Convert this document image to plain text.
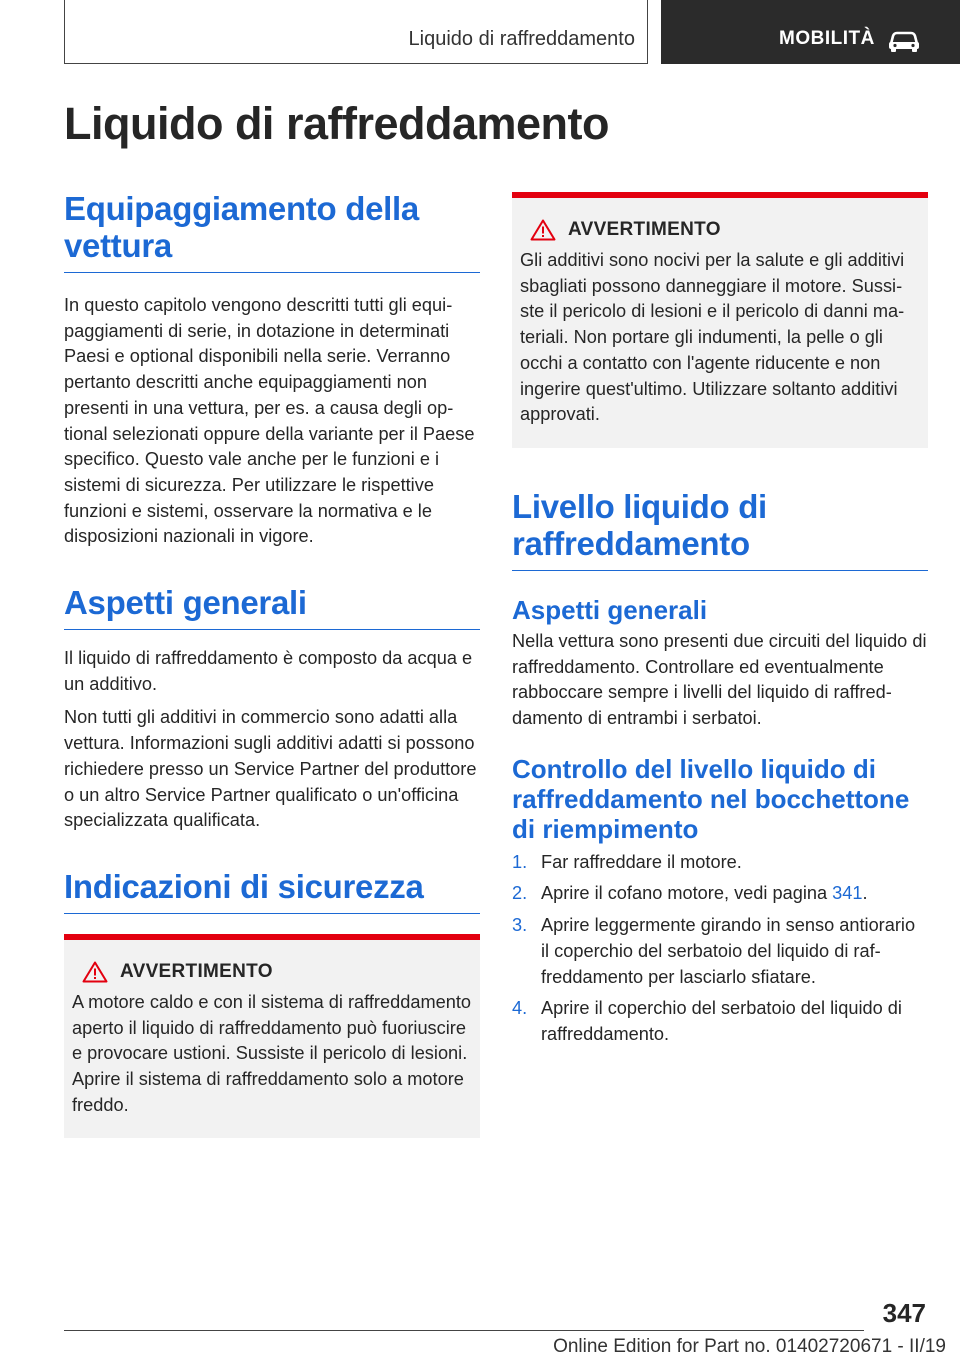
Liquido di raffreddamento	MOBILITÀ
Liquido di raffreddamento
Equipaggiamento della vettura

In questo capitolo vengono descritti tutti gli equipaggiamenti di serie, in dotazione in determinati Paesi e optional disponibili nella serie. Verranno pertanto descritti anche equipaggiamenti non presenti in una vettura, per es. a causa degli optional selezionati oppure della variante per il Paese specifico. Questo vale anche per le funzioni e i sistemi di sicurezza. Per utilizzare le rispettive funzioni e sistemi, osservare la normativa e le disposizioni nazionali in vigore.

Aspetti generali

Il liquido di raffreddamento è composto da acqua e un additivo.

Non tutti gli additivi in commercio sono adatti alla vettura. Informazioni sugli additivi adatti si possono richiedere presso un Service Partner del produttore o un altro Service Partner qualificato o un'officina specializzata qualificata.

Indicazioni di sicurezza
AVVERTIMENTO

A motore caldo e con il sistema di raffreddamento aperto il liquido di raffreddamento può fuoriuscire e provocare ustioni. Sussiste il pericolo di lesioni. Aprire il sistema di raffreddamento solo a motore freddo.

AVVERTIMENTO

Gli additivi sono nocivi per la salute e gli additivi sbagliati possono danneggiare il motore. Sussiste il pericolo di lesioni e il pericolo di danni materiali. Non portare gli indumenti, la pelle o gli occhi a contatto con l'agente riducente e non ingerire quest'ultimo. Utilizzare soltanto additivi approvati.

Livello liquido di raffreddamento
Aspetti generali

Nella vettura sono presenti due circuiti del liquido di raffreddamento. Controllare ed eventualmente rabboccare sempre i livelli del liquido di raffreddamento di entrambi i serbatoi.

Controllo del livello liquido di raffreddamento nel bocchettone di riempimento
1. Far raffreddare il motore.
2. Aprire il cofano motore, vedi pagina 341.
3. Aprire leggermente girando in senso antiorario il coperchio del serbatoio del liquido di raffreddamento per lasciarlo sfiatare.
4. Aprire il coperchio del serbatoio del liquido di raffreddamento.
347
Online Edition for Part no. 01402720671 - II/19
